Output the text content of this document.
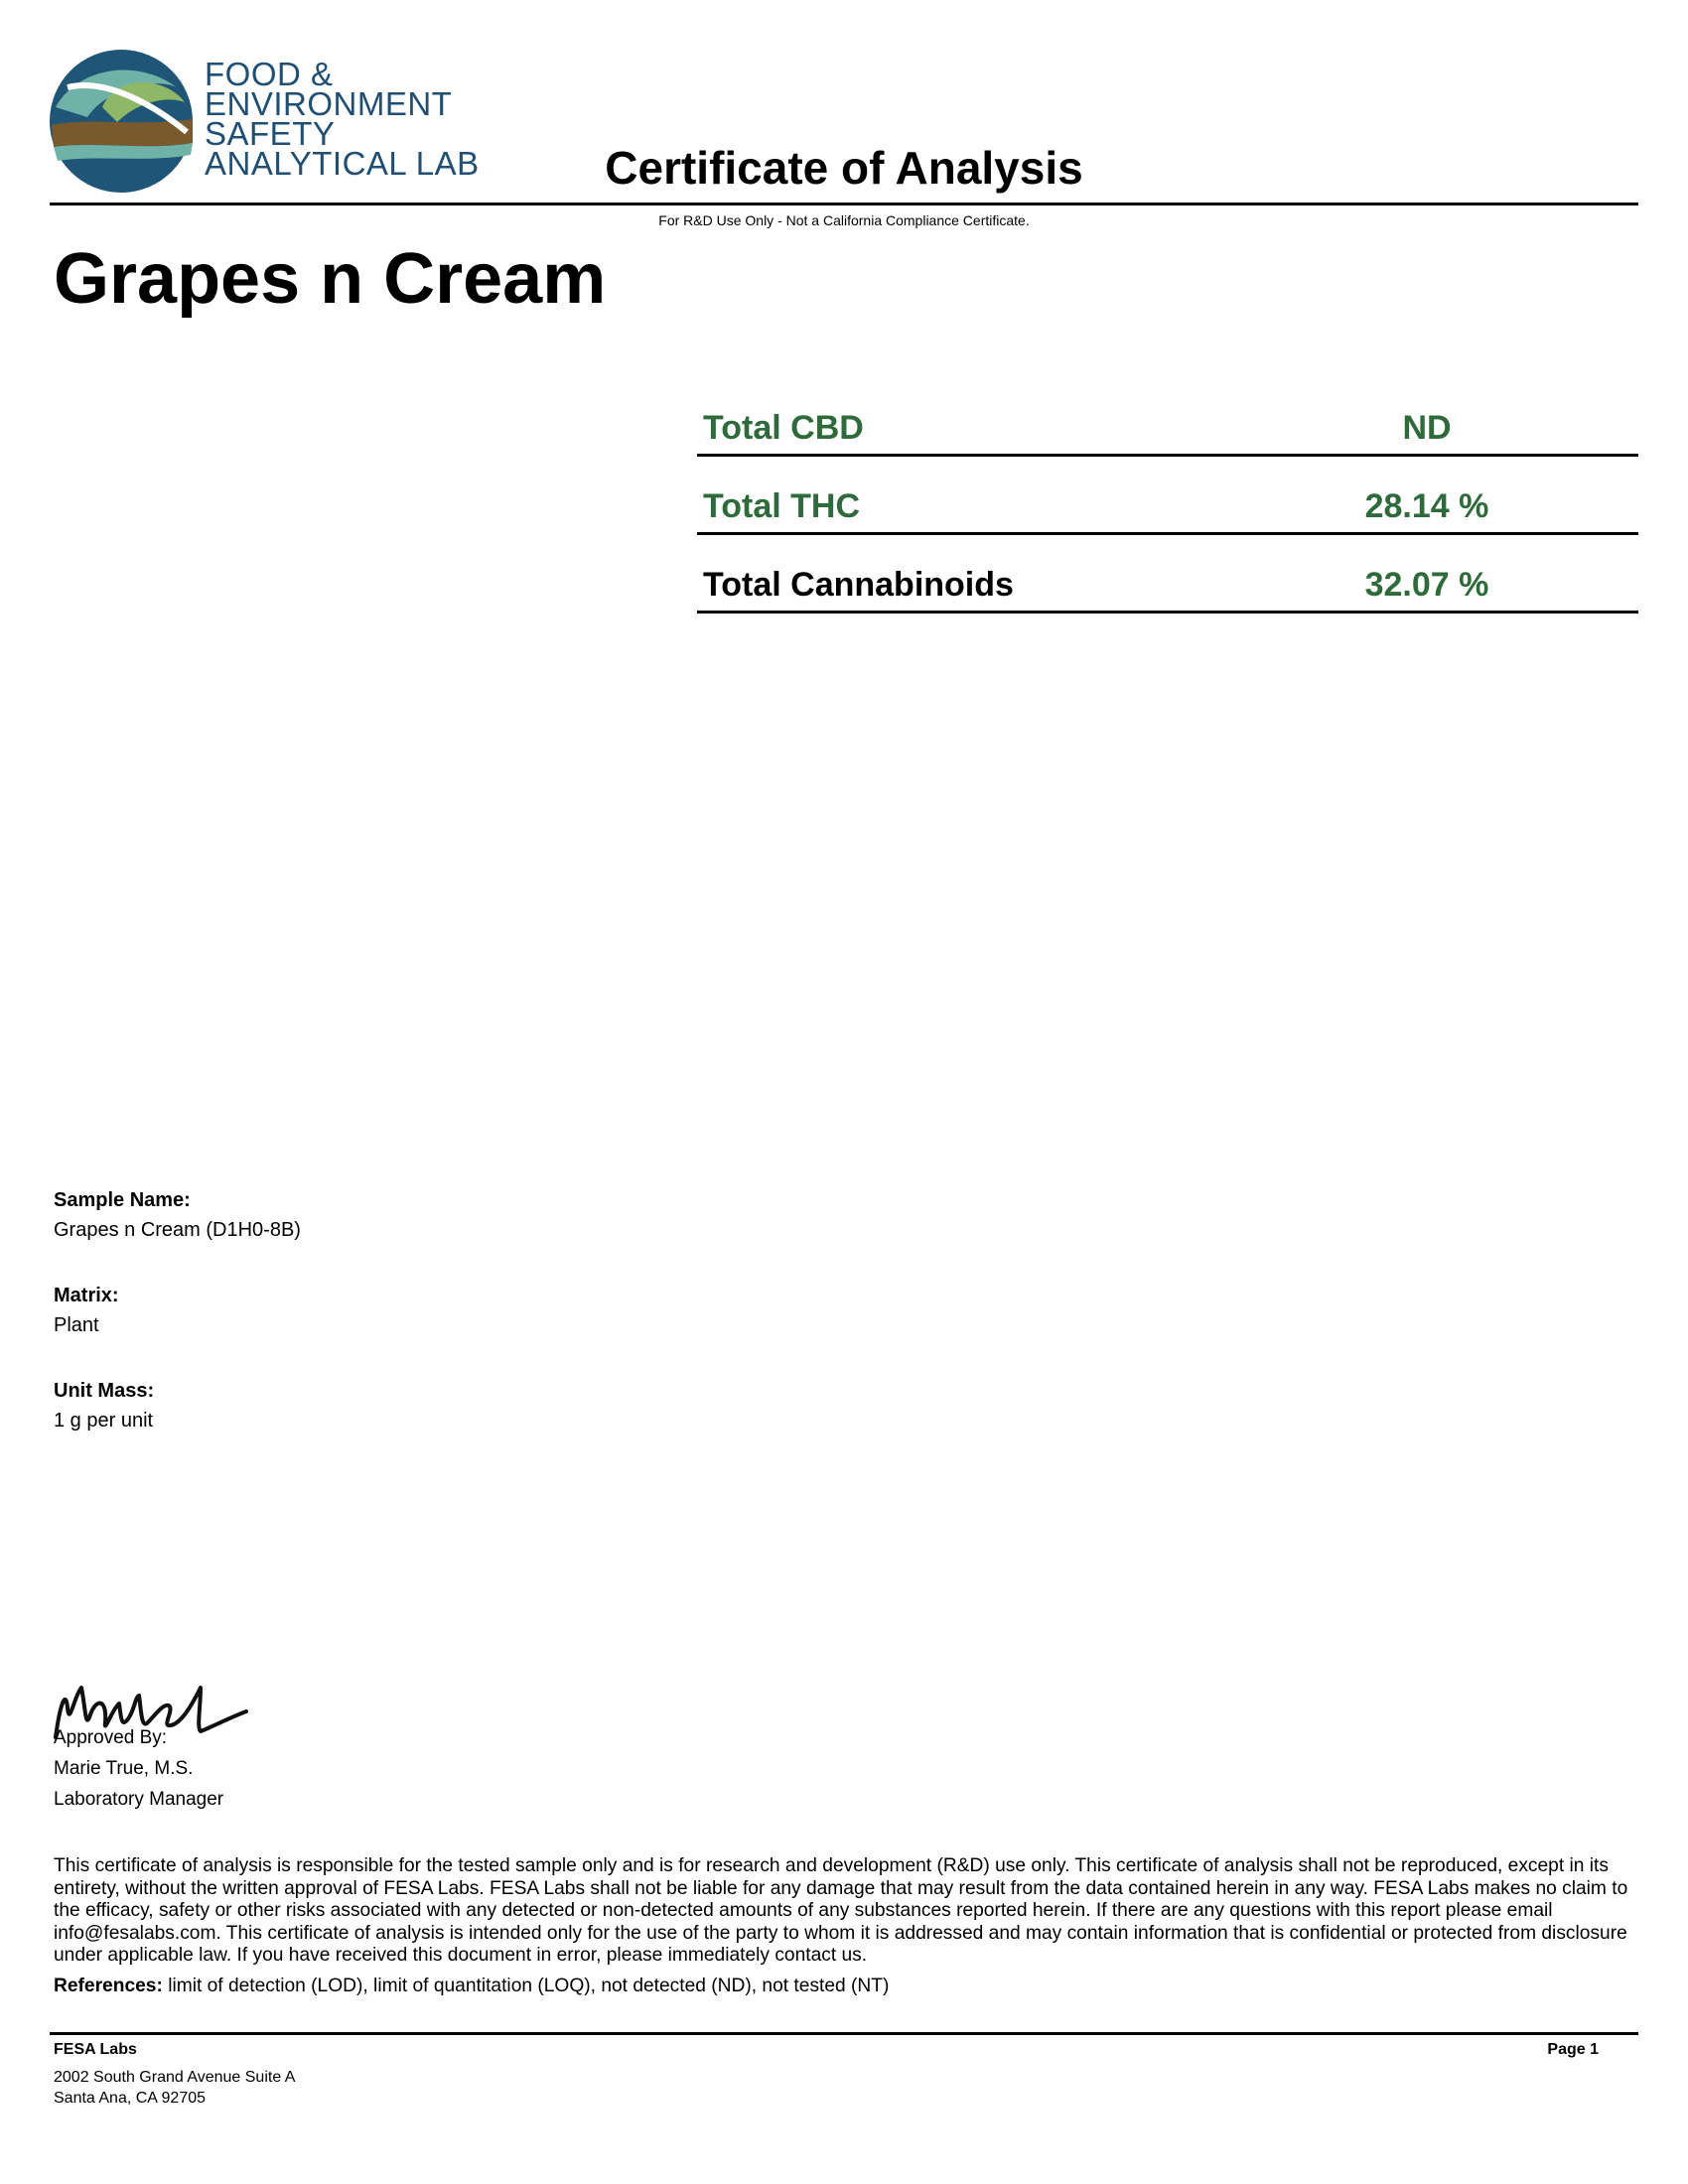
FOOD &
ENVIRONMENT
SAFETY
ANALYTICAL LAB	Certificate of Analysis
For R&D Use Only - Not a California Compliance Certificate.
Grapes n Cream
Total CBD	ND
Total THC	28.14 %
Total Cannabinoids	32.07 %
Sample Name:
Grapes n Cream (D1H0-8B)
Matrix:
Plant
Unit Mass:
1 g per unit
Approved By:
Marie True, M.S.
Laboratory Manager
This certificate of analysis is responsible for the tested sample only and is for research and development (R&D) use only. This certificate of analysis shall not be reproduced, except in its entirety, without the written approval of FESA Labs. FESA Labs shall not be liable for any damage that may result from the data contained herein in any way. FESA Labs makes no claim to the efficacy, safety or other risks associated with any detected or non-detected amounts of any substances reported herein. If there are any questions with this report please email info@fesalabs.com. This certificate of analysis is intended only for the use of the party to whom it is addressed and may contain information that is confidential or protected from disclosure under applicable law. If you have received this document in error, please immediately contact us.
References: limit of detection (LOD), limit of quantitation (LOQ), not detected (ND), not tested (NT)
FESA Labs	Page 1
2002 South Grand Avenue Suite A
Santa Ana, CA 92705
